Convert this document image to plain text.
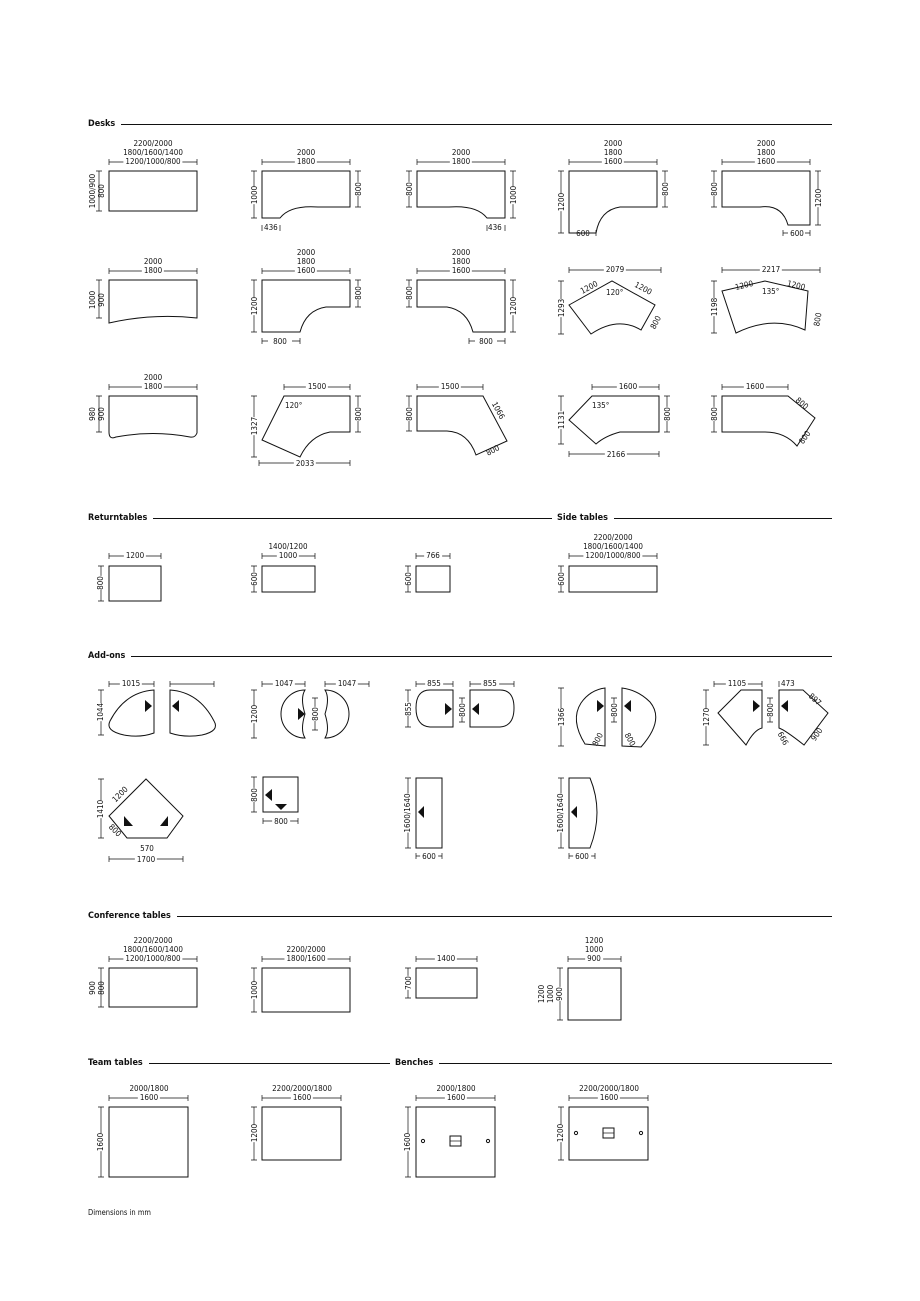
Desks
Returntables	Side tables
Add-ons
Conference tables
Team tables	Benches
2200/2000
1800/1600/1400
1200/1000/800
1000/900 800
2000
1800
1000	800
436
2000
1800
800	1000
436
2000
1800
1600
1200
800
600
2000
1800
1600
800	1200
600
2000
1800
1000 900
2000
1800
1600
1200
800
800
2000
1800
1600
800
1200
800
2079
1293
1200	1200
120°
800
2217
1198
1200	1200
135°
800
2000
1800
980 900
1500
1327
800
120°
2033
1500
800	1066
800
1600
1131	800
135°
2166
1600
800
800
800
1200
800
1400/1200
1000
600
766
600
2200/2000
1800/1600/1400
1200/1000/800
600
1015
1044
1047	1047
1200	800
855	855
855	800	1366	800
800 800
1105	473
1270	800
666
897
900
1200
1410
800
570
1700
800
800	1600/1640
600
1600/1640
600
2200/2000
1800/1600/1400
1200/1000/800
900 800
2200/2000
1800/1600
1000
1400
700
1200
1000
900
1200 1000 900
2000/1800
1600
1600
2200/2000/1800
1600
1200
2000/1800
1600
1600
2200/2000/1800
1600
1200
Dimensions in mm
